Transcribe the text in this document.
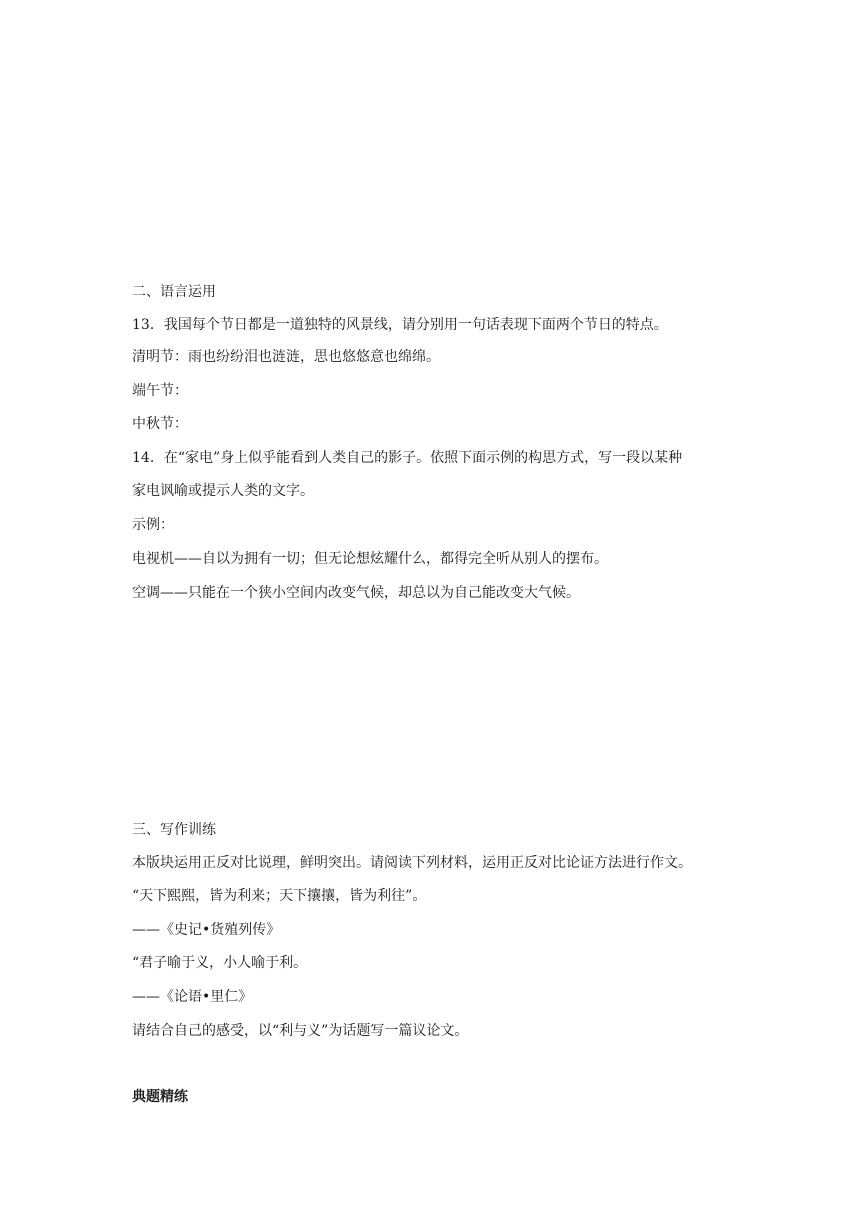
二、语言运用
13．我国每个节日都是一道独特的风景线，请分别用一句话表现下面两个节日的特点。
清明节：雨也纷纷泪也涟涟，思也悠悠意也绵绵。
端午节：
中秋节：
14．在“家电”身上似乎能看到人类自己的影子。依照下面示例的构思方式，写一段以某种
家电讽喻或提示人类的文字。
示例：
电视机——自以为拥有一切；但无论想炫耀什么，都得完全听从别人的摆布。
空调——只能在一个狭小空间内改变气候，却总以为自己能改变大气候。
三、写作训练
本版块运用正反对比说理，鲜明突出。请阅读下列材料，运用正反对比论证方法进行作文。
“天下熙熙，皆为利来；天下攘攘，皆为利往”。
——《史记•货殖列传》
“君子喻于义，小人喻于利。
——《论语•里仁》
请结合自己的感受，以“利与义”为话题写一篇议论文。
典题精练
